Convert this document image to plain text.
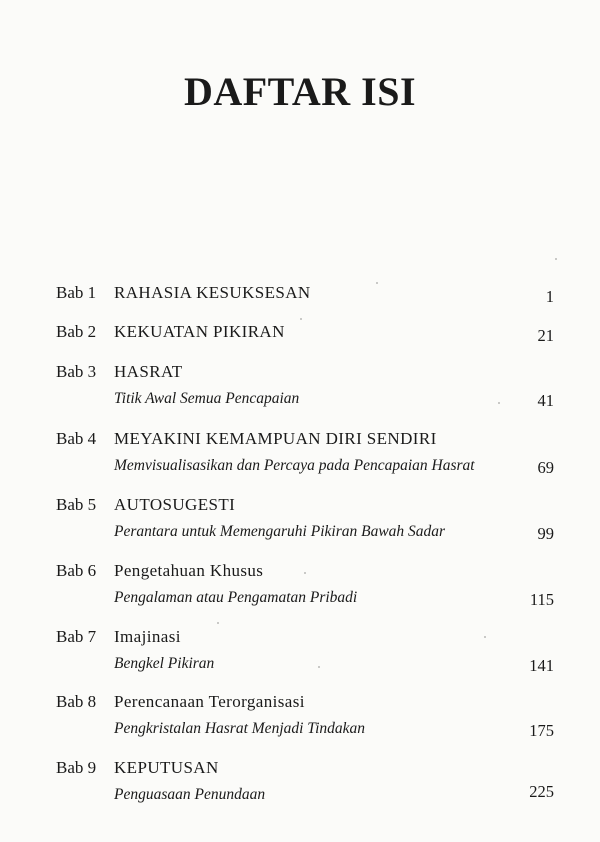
DAFTAR ISI
Bab 1 RAHASIA KESUKSESAN	1
Bab 2 KEKUATAN PIKIRAN	21
Bab 3 HASRAT
Titik Awal Semua Pencapaian	41
Bab 4 MEYAKINI KEMAMPUAN DIRI SENDIRI
Memvisualisasikan dan Percaya pada Pencapaian Hasrat	69
Bab 5 AUTOSUGESTI
Perantara untuk Memengaruhi Pikiran Bawah Sadar	99
Bab 6 Pengetahuan Khusus
Pengalaman atau Pengamatan Pribadi	115
Bab 7 Imajinasi
Bengkel Pikiran	141
Bab 8 Perencanaan Terorganisasi
Pengkristalan Hasrat Menjadi Tindakan	175
Bab 9 KEPUTUSAN
Penguasaan Penundaan	225
